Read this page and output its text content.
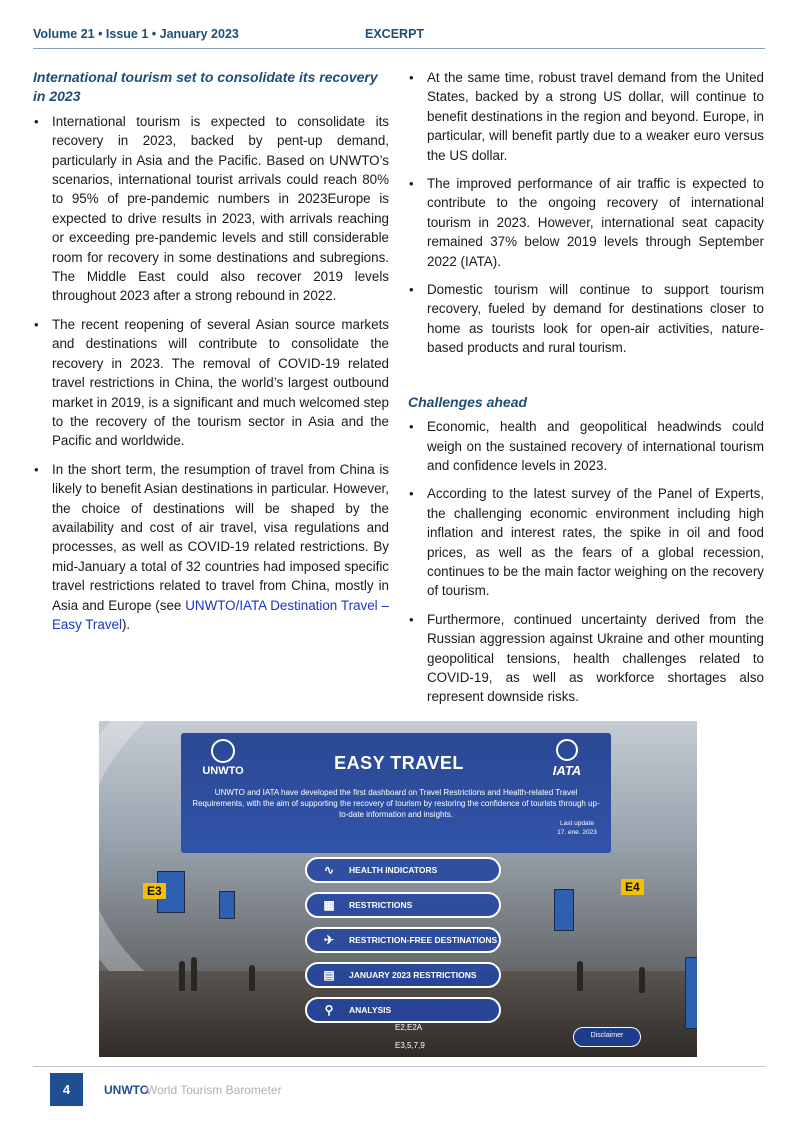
Volume 21 • Issue 1 • January 2023	EXCERPT
International tourism set to consolidate its recovery in 2023
• International tourism is expected to consolidate its recovery in 2023, backed by pent-up demand, particularly in Asia and the Pacific. Based on UNWTO’s scenarios, international tourist arrivals could reach 80% to 95% of pre-pandemic numbers in 2023Europe is expected to drive results in 2023, with arrivals reaching or exceeding pre-pandemic levels and still considerable room for recovery in some destinations and subregions. The Middle East could also recover 2019 levels throughout 2023 after a strong rebound in 2022.
• The recent reopening of several Asian source markets and destinations will contribute to consolidate the recovery in 2023. The removal of COVID-19 related travel restrictions in China, the world’s largest outbound market in 2019, is a significant and much welcomed step to the recovery of the tourism sector in Asia and the Pacific and worldwide.
• In the short term, the resumption of travel from China is likely to benefit Asian destinations in particular. However, the choice of destinations will be shaped by the availability and cost of air travel, visa regulations and processes, as well as COVID-19 related restrictions. By mid-January a total of 32 countries had imposed specific travel restrictions related to travel from China, mostly in Asia and Europe (see UNWTO/IATA Destination Travel – Easy Travel).
• At the same time, robust travel demand from the United States, backed by a strong US dollar, will continue to benefit destinations in the region and beyond. Europe, in particular, will benefit partly due to a weaker euro versus the US dollar.
• The improved performance of air traffic is expected to contribute to the ongoing recovery of international tourism in 2023. However, international seat capacity remained 37% below 2019 levels through September 2022 (IATA).
• Domestic tourism will continue to support tourism recovery, fueled by demand for destinations closer to home as tourists look for open-air activities, nature-based products and rural tourism.
Challenges ahead
• Economic, health and geopolitical headwinds could weigh on the sustained recovery of international tourism and confidence levels in 2023.
• According to the latest survey of the Panel of Experts, the challenging economic environment including high inflation and interest rates, the spike in oil and food prices, as well as the fears of a global recession, continues to be the main factor weighing on the recovery of tourism.
• Furthermore, continued uncertainty derived from the Russian aggression against Ukraine and other mounting geopolitical tensions, health challenges related to COVID-19, as well as workforce shortages also represent downside risks.
E3	E4
E2,E2A
E3,5,7,9
UNWTO	EASY TRAVEL	IATA
UNWTO and IATA have developed the first dashboard on Travel Restrictions and Health-related Travel Requirements, with the aim of supporting the recovery of tourism by restoring the confidence of tourists through up-to-date information and insights.
Last update
17. ene. 2023
∿	HEALTH INDICATORS
▦	RESTRICTIONS
✈	RESTRICTION-FREE DESTINATIONS
▤	JANUARY 2023 RESTRICTIONS
⚲	ANALYSIS
Disclaimer
4	UNWTO
World Tourism Barometer
